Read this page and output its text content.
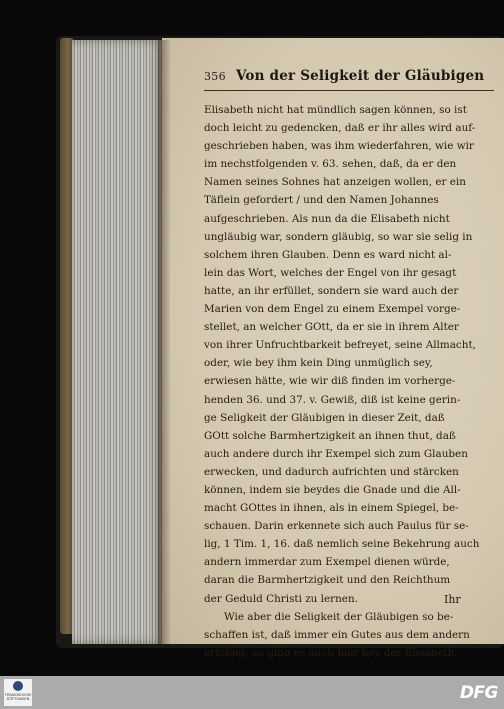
356 Von der Seligkeit der Gläubigen
Elisabeth nicht hat mündlich sagen können, so ist
doch leicht zu gedencken, daß er ihr alles wird auf-
geschrieben haben, was ihm wiederfahren, wie wir
im nechstfolgenden v. 63. sehen, daß, da er den
Namen seines Sohnes hat anzeigen wollen, er ein
Täflein gefordert / und den Namen Johannes
aufgeschrieben. Als nun da die Elisabeth nicht
ungläubig war, sondern gläubig, so war sie selig in
solchem ihren Glauben. Denn es ward nicht al-
lein das Wort, welches der Engel von ihr gesagt
hatte, an ihr erfüllet, sondern sie ward auch der
Marien von dem Engel zu einem Exempel vorge-
stellet, an welcher GOtt, da er sie in ihrem Alter
von ihrer Unfruchtbarkeit befreyet, seine Allmacht,
oder, wie bey ihm kein Ding unmüglich sey,
erwiesen hätte, wie wir diß finden im vorherge-
henden 36. und 37. v. Gewiß, diß ist keine gerin-
ge Seligkeit der Gläubigen in dieser Zeit, daß
GOtt solche Barmhertzigkeit an ihnen thut, daß
auch andere durch ihr Exempel sich zum Glauben
erwecken, und dadurch aufrichten und stärcken
können, indem sie beydes die Gnade und die All-
macht GOttes in ihnen, als in einem Spiegel, be-
schauen. Darin erkennete sich auch Paulus für se-
lig, 1 Tim. 1, 16. daß nemlich seine Bekehrung auch
andern immerdar zum Exempel dienen würde,
daran die Barmhertzigkeit und den Reichthum
der Geduld Christi zu lernen.
Wie aber die Seligkeit der Gläubigen so be-
schaffen ist, daß immer ein Gutes aus dem andern
erfolget; so ging es auch hier bey der Elisabeth.
Ihr
FRANCKESCHE STIFTUNGEN	DFG
